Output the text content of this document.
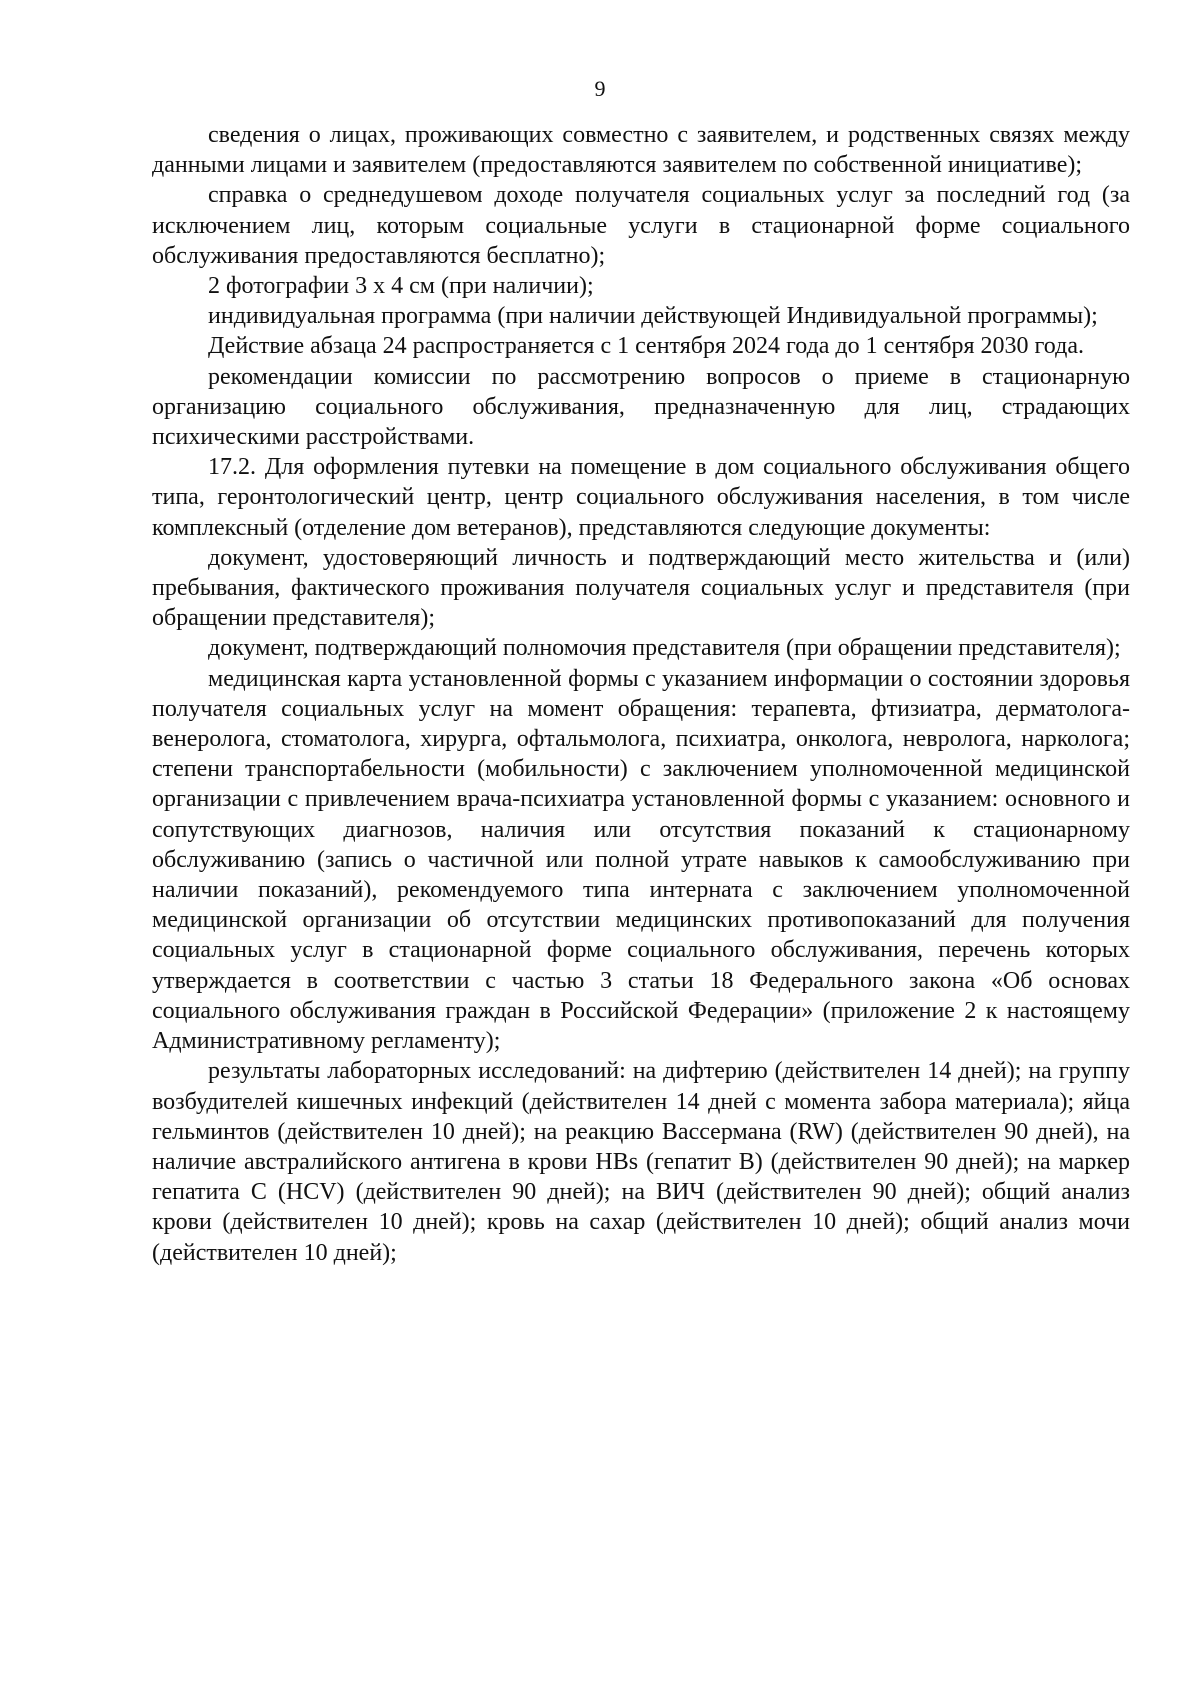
9

сведения о лицах, проживающих совместно с заявителем, и родственных связях между данными лицами и заявителем (предоставляются заявителем по собственной инициативе);

справка о среднедушевом доходе получателя социальных услуг за последний год (за исключением лиц, которым социальные услуги в стационарной форме социального обслуживания предоставляются бесплатно);

2 фотографии 3 х 4 см (при наличии);

индивидуальная программа (при наличии действующей Индивидуальной программы);

Действие абзаца 24 распространяется с 1 сентября 2024 года до 1 сентября 2030 года.

рекомендации комиссии по рассмотрению вопросов о приеме в стационарную организацию социального обслуживания, предназначенную для лиц, страдающих психическими расстройствами.

17.2. Для оформления путевки на помещение в дом социального обслуживания общего типа, геронтологический центр, центр социального обслуживания населения, в том числе комплексный (отделение дом ветеранов), представляются следующие документы:

документ, удостоверяющий личность и подтверждающий место жительства и (или) пребывания, фактического проживания получателя социальных услуг и представителя (при обращении представителя);

документ, подтверждающий полномочия представителя (при обращении представителя);

медицинская карта установленной формы с указанием информации о состоянии здоровья получателя социальных услуг на момент обращения: терапевта, фтизиатра, дерматолога-венеролога, стоматолога, хирурга, офтальмолога, психиатра, онколога, невролога, нарколога; степени транспортабельности (мобильности) с заключением уполномоченной медицинской организации с привлечением врача-психиатра установленной формы с указанием: основного и сопутствующих диагнозов, наличия или отсутствия показаний к стационарному обслуживанию (запись о частичной или полной утрате навыков к самообслуживанию при наличии показаний), рекомендуемого типа интерната с заключением уполномоченной медицинской организации об отсутствии медицинских противопоказаний для получения социальных услуг в стационарной форме социального обслуживания, перечень которых утверждается в соответствии с частью 3 статьи 18 Федерального закона «Об основах социального обслуживания граждан в Российской Федерации» (приложение 2 к настоящему Административному регламенту);

результаты лабораторных исследований: на дифтерию (действителен 14 дней); на группу возбудителей кишечных инфекций (действителен 14 дней с момента забора материала); яйца гельминтов (действителен 10 дней); на реакцию Вассермана (RW) (действителен 90 дней), на наличие австралийского антигена в крови HBs (гепатит В) (действителен 90 дней); на маркер гепатита С (HCV) (действителен 90 дней); на ВИЧ (действителен 90 дней); общий анализ крови (действителен 10 дней); кровь на сахар (действителен 10 дней); общий анализ мочи (действителен 10 дней);
